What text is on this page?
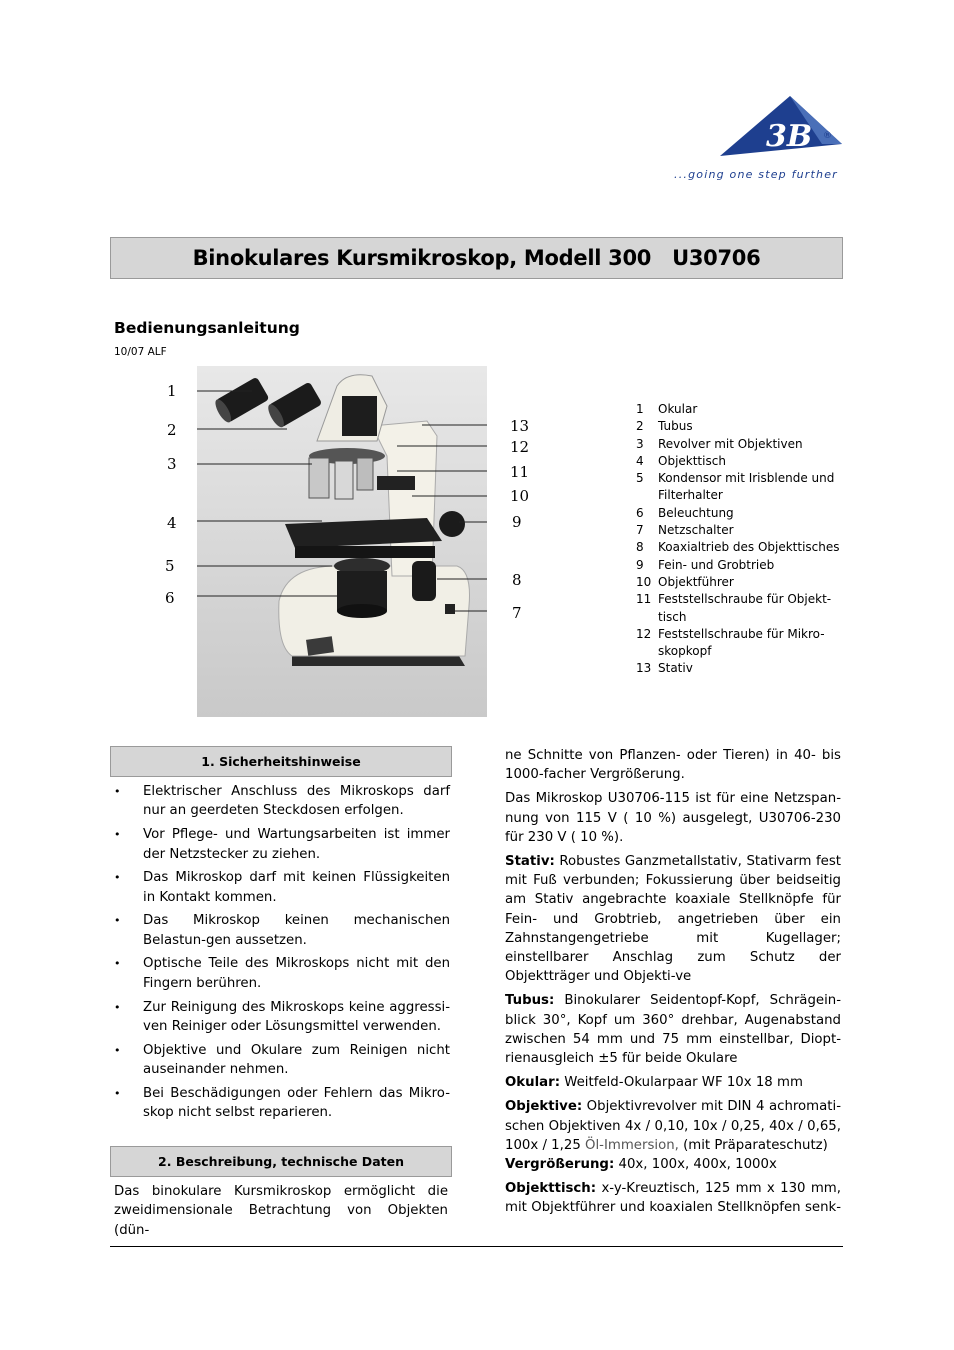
3B ®
...going one step further
Binokulares Kursmikroskop, Modell 300   U30706
Bedienungsanleitung
10/07 ALF
1
2
3
4
5
6
13
12
11
10
9
8
7
1	Okular
2	Tubus
3	Revolver mit Objektiven
4	Objekttisch
5	Kondensor mit Irisblende und Filterhalter
6	Beleuchtung
7	Netzschalter
8	Koaxialtrieb des Objekttisches
9	Fein- und Grobtrieb
10 Objektführer
11 Feststellschraube für Objekt-tisch
12 Feststellschraube für Mikro-skopkopf
13 Stativ
1. Sicherheitshinweise
•	Elektrischer Anschluss des Mikroskops darf nur an geerdeten Steckdosen erfolgen.
•	Vor Pflege- und Wartungsarbeiten ist immer der Netzstecker zu ziehen.
•	Das Mikroskop darf mit keinen Flüssigkeiten in Kontakt kommen.
•	Das Mikroskop keinen mechanischen Belastun-gen aussetzen.
•	Optische Teile des Mikroskops nicht mit den Fingern berühren.
•	Zur Reinigung des Mikroskops keine aggressi-ven Reiniger oder Lösungsmittel verwenden.
•	Objektive und Okulare zum Reinigen nicht auseinander nehmen.
•	Bei Beschädigungen oder Fehlern das Mikro-skop nicht selbst reparieren.
2. Beschreibung, technische Daten
Das binokulare Kursmikroskop ermöglicht die zweidimensionale Betrachtung von Objekten (dün-

ne Schnitte von Pflanzen- oder Tieren) in 40- bis 1000-facher Vergrößerung.

Das Mikroskop U30706-115 ist für eine Netzspan-nung von 115 V ( 10 %) ausgelegt, U30706-230 für 230 V ( 10 %).

Stativ: Robustes Ganzmetallstativ, Stativarm fest mit Fuß verbunden; Fokussierung über beidseitig am Stativ angebrachte koaxiale Stellknöpfe für Fein- und Grobtrieb, angetrieben über ein Zahnstangengetriebe mit Kugellager; einstellbarer Anschlag zum Schutz der Objektträger und Objekti-ve

Tubus: Binokularer Seidentopf-Kopf, Schrägein-blick 30°, Kopf um 360° drehbar, Augenabstand zwischen 54 mm und 75 mm einstellbar, Diopt-rienausgleich ±5 für beide Okulare

Okular: Weitfeld-Okularpaar WF 10x 18 mm

Objektive: Objektivrevolver mit DIN 4 achromati-schen Objektiven 4x / 0,10, 10x / 0,25, 40x / 0,65, 100x / 1,25 Öl-Immersion, (mit Präparateschutz)

Vergrößerung: 40x, 100x, 400x, 1000x

Objekttisch: x-y-Kreuztisch, 125 mm x 130 mm, mit Objektführer und koaxialen Stellknöpfen senk-
